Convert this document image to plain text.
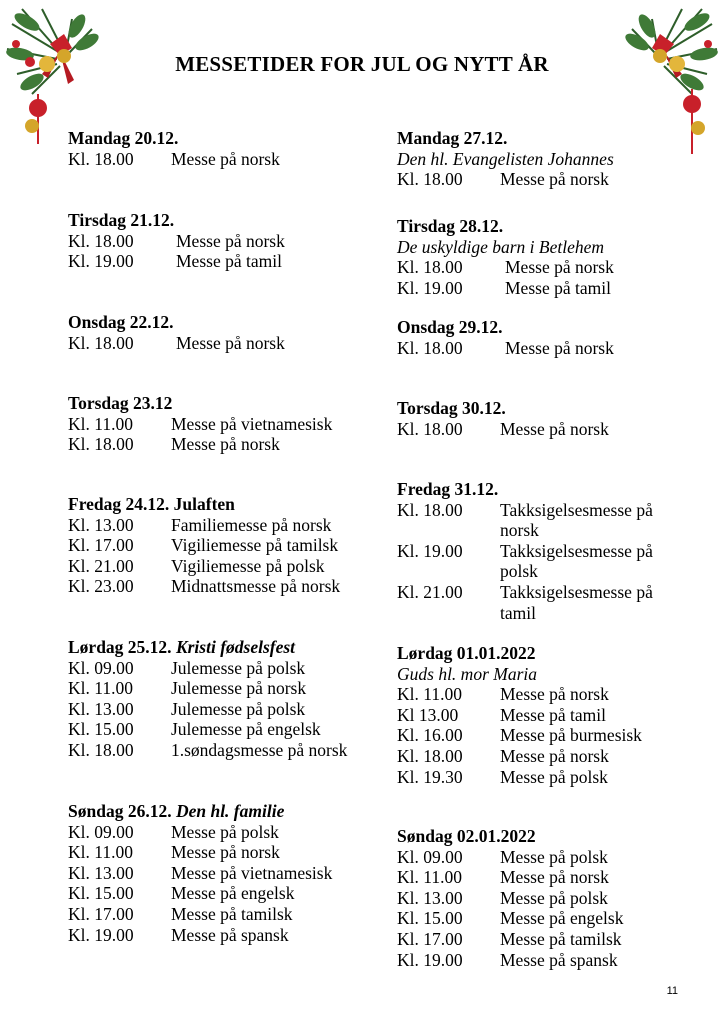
MESSETIDER FOR JUL OG NYTT ÅR
Mandag 20.12.
Kl. 18.00 Messe på norsk
Tirsdag 21.12.
Kl. 18.00 Messe på norsk
Kl. 19.00 Messe på tamil
Onsdag 22.12.
Kl. 18.00 Messe på norsk
Torsdag 23.12
Kl. 11.00 Messe på vietnamesisk
Kl. 18.00 Messe på norsk
Fredag 24.12. Julaften
Kl. 13.00 Familiemesse på norsk
Kl. 17.00 Vigiliemesse på tamilsk
Kl. 21.00 Vigiliemesse på polsk
Kl. 23.00 Midnattsmesse på norsk
Lørdag 25.12. Kristi fødselsfest
Kl. 09.00 Julemesse på polsk
Kl. 11.00 Julemesse på norsk
Kl. 13.00 Julemesse på polsk
Kl. 15.00 Julemesse på engelsk
Kl. 18.00 1.søndagsmesse på norsk
Søndag 26.12. Den hl. familie
Kl. 09.00 Messe på polsk
Kl. 11.00 Messe på norsk
Kl. 13.00 Messe på vietnamesisk
Kl. 15.00 Messe på engelsk
Kl. 17.00 Messe på tamilsk
Kl. 19.00 Messe på spansk
Mandag 27.12.
Den hl. Evangelisten Johannes
Kl. 18.00 Messe på norsk
Tirsdag 28.12.
De uskyldige barn i Betlehem
Kl. 18.00 Messe på norsk
Kl. 19.00 Messe på tamil
Onsdag 29.12.
Kl. 18.00 Messe på norsk
Torsdag 30.12.
Kl. 18.00 Messe på norsk
Fredag 31.12.
Kl. 18.00 Takksigelsesmesse på norsk
Kl. 19.00 Takksigelsesmesse på polsk
Kl. 21.00 Takksigelsesmesse på tamil
Lørdag 01.01.2022
Guds hl. mor Maria
Kl. 11.00 Messe på norsk
Kl 13.00 Messe på tamil
Kl. 16.00 Messe på burmesisk
Kl. 18.00 Messe på norsk
Kl. 19.30 Messe på polsk
Søndag 02.01.2022
Kl. 09.00 Messe på polsk
Kl. 11.00 Messe på norsk
Kl. 13.00 Messe på polsk
Kl. 15.00 Messe på engelsk
Kl. 17.00 Messe på tamilsk
Kl. 19.00 Messe på spansk
11
